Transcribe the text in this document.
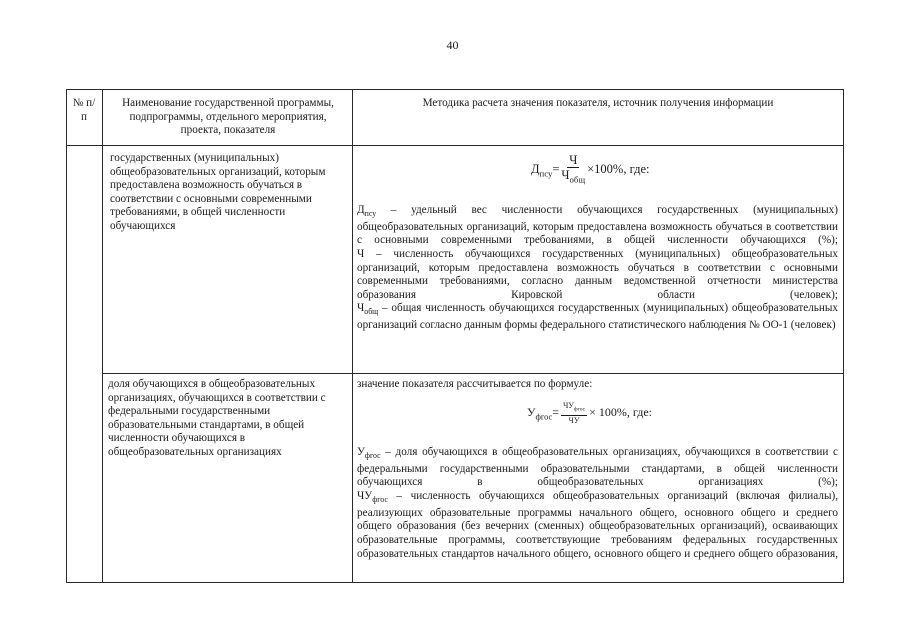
40
№ п/п
Наименование государственной программы, подпрограммы, отдельного мероприятия, проекта, показателя
Методика расчета значения показателя, источник получения информации
государственных (муниципальных) общеобразовательных организаций, которым предоставлена возможность обучаться в соответствии с основными современными требованиями, в общей численности обучающихся
$Д_{псу} = \frac{Ч}{Ч_{общ}} \times 100\%$, где:

$Д_{псу}$ – удельный вес численности обучающихся государственных (муниципальных) общеобразовательных организаций, которым предоставлена возможность обучаться в соответствии с основными современными требованиями, в общей численности обучающихся (%);

Ч – численность обучающихся государственных (муниципальных) общеобразовательных организаций, которым предоставлена возможность обучаться в соответствии с основными современными требованиями, согласно данным ведомственной отчетности министерства образования Кировской области (человек);

$Ч_{общ}$ – общая численность обучающихся государственных (муниципальных) общеобразовательных организаций согласно данным формы федерального статистического наблюдения № ОО-1 (человек)

доля обучающихся в общеобразовательных организациях, обучающихся в соответствии с федеральными государственными образовательными стандартами, в общей численности обучающихся в общеобразовательных организациях
значение показателя рассчитывается по формуле:
$У_{фгос} = \frac{ЧУ_{фгос}}{ЧУ} \times 100\%$, где:

$У_{фгос}$ – доля обучающихся в общеобразовательных организациях, обучающихся в соответствии с федеральными государственными образовательными стандартами, в общей численности обучающихся в общеобразовательных организациях (%);

$ЧУ_{фгос}$ – численность обучающихся общеобразовательных организаций (включая филиалы), реализующих образовательные программы начального общего, основного общего и среднего общего образования (без вечерних (сменных) общеобразовательных организаций), осваивающих образовательные программы, соответствующие требованиям федеральных государственных образовательных стандартов начального общего, основного общего и среднего общего образования,
